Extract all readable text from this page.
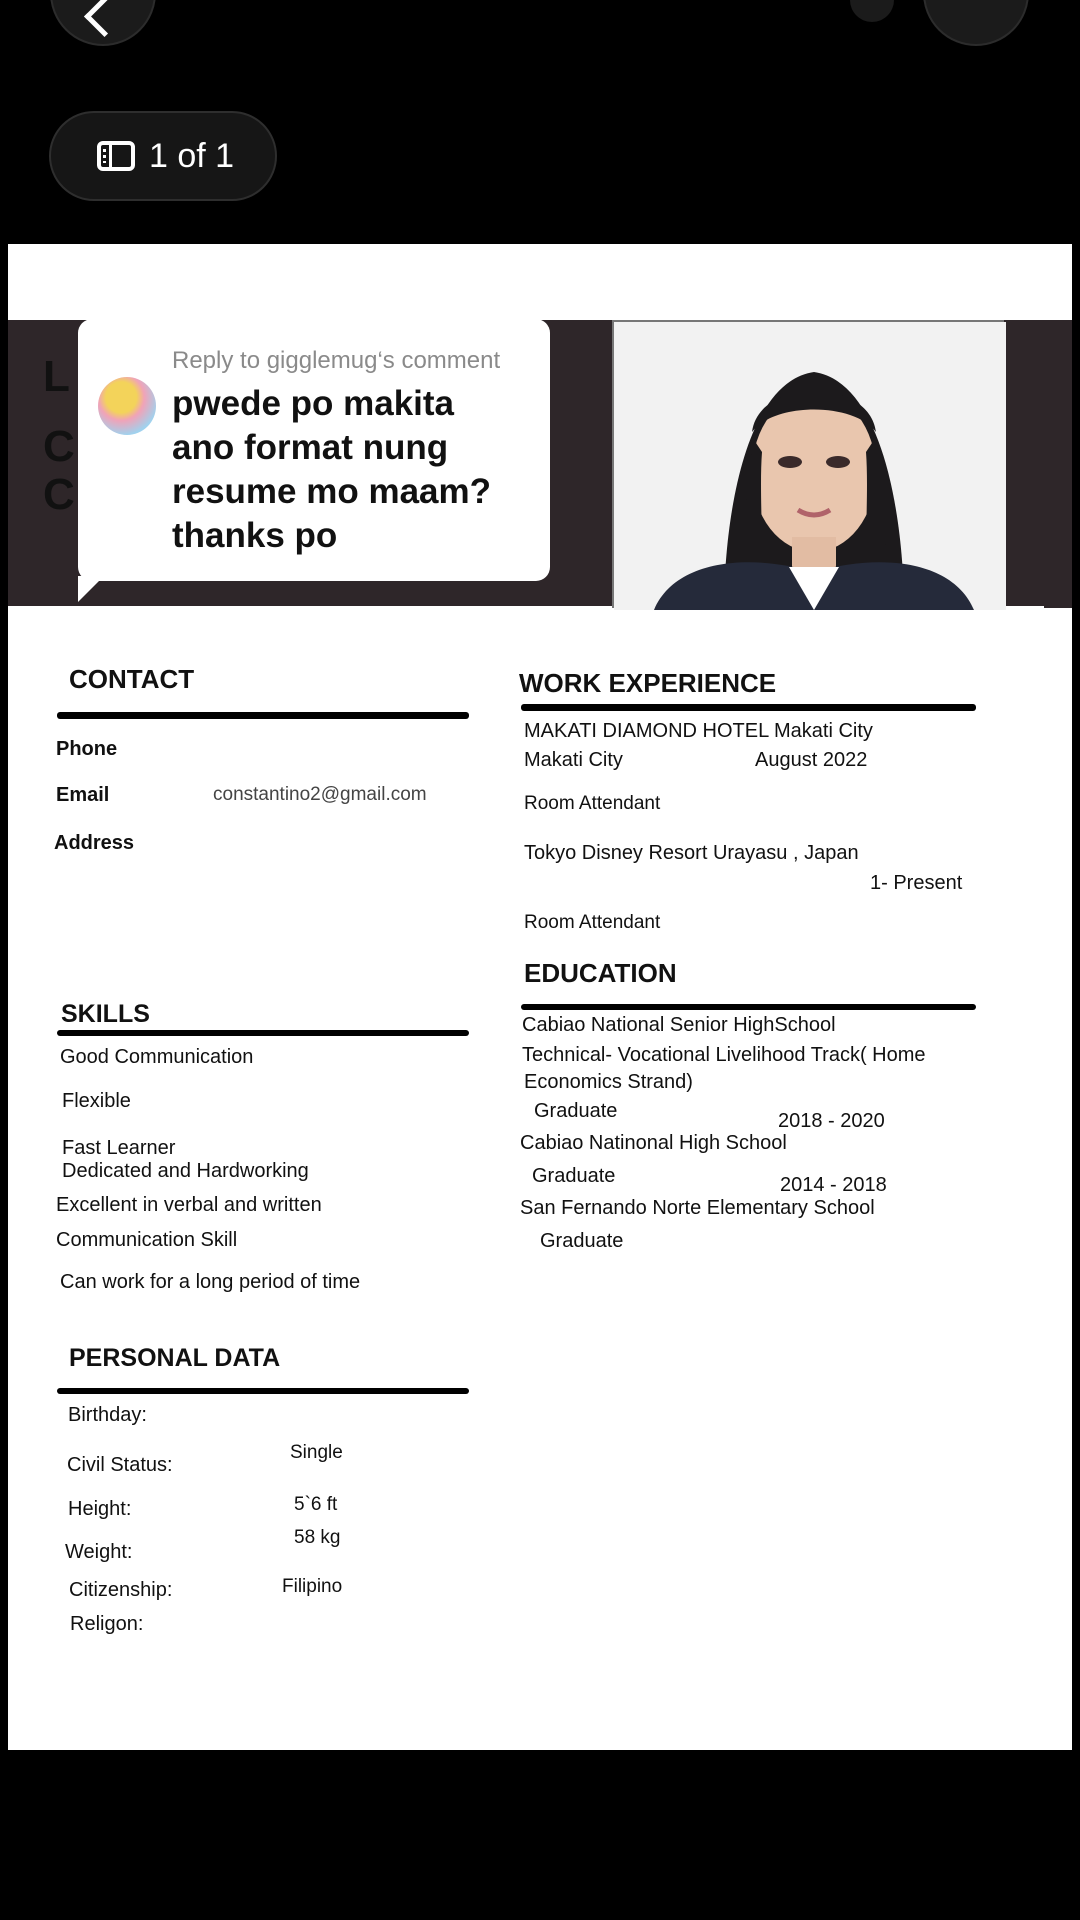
1 of 1
L
C
C
CONTACT
Phone
Email	constantino2@gmail.com
Address
WORK EXPERIENCE
MAKATI DIAMOND HOTEL Makati City
Makati City	August 2022
Room Attendant
Tokyo Disney Resort Urayasu , Japan
1- Present
Room Attendant
EDUCATION
Cabiao National Senior HighSchool
Technical- Vocational Livelihood Track( Home
Economics Strand)
Graduate	2018 - 2020
Cabiao Natinonal High School
Graduate	2014 - 2018
San Fernando Norte Elementary School
Graduate
SKILLS
Good Communication
Flexible
Fast Learner
Dedicated and Hardworking
Excellent in verbal and written
Communication Skill
Can work for a long period of time
PERSONAL DATA
Birthday:
Civil Status:
Single
Height:	5`6 ft
Weight:
58 kg
Citizenship:	Filipino
Religon:
Reply to gigglemug‘s comment
pwede po makita
ano format nung
resume mo maam?
thanks po
